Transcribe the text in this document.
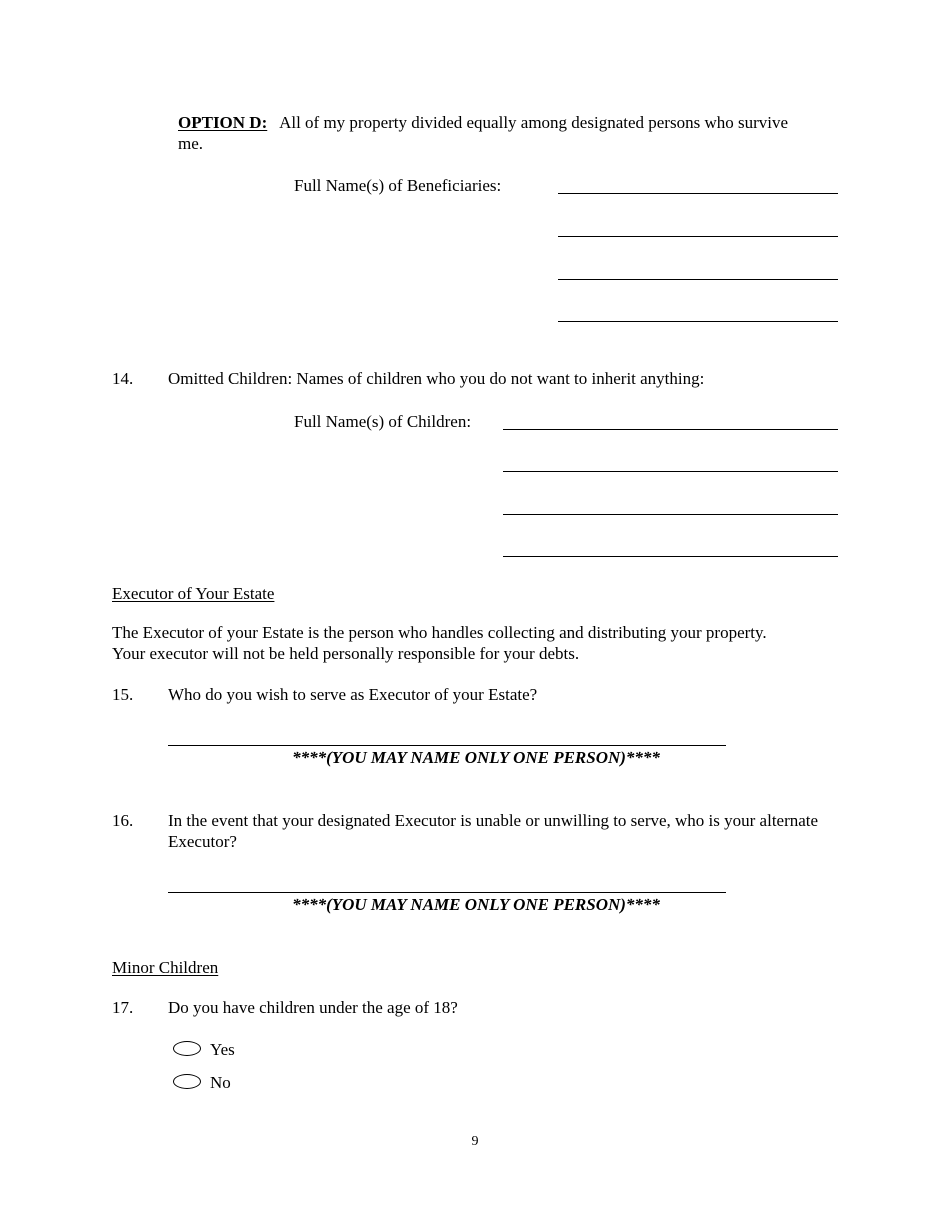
OPTION D: All of my property divided equally among designated persons who survive me.
Full Name(s) of Beneficiaries:
14. Omitted Children: Names of children who you do not want to inherit anything:
Full Name(s) of Children:
Executor of Your Estate
The Executor of your Estate is the person who handles collecting and distributing your property. Your executor will not be held personally responsible for your debts.
15. Who do you wish to serve as Executor of your Estate?
****(YOU MAY NAME ONLY ONE PERSON)****
16. In the event that your designated Executor is unable or unwilling to serve, who is your alternate Executor?
****(YOU MAY NAME ONLY ONE PERSON)****
Minor Children
17. Do you have children under the age of 18?
Yes
No
9
